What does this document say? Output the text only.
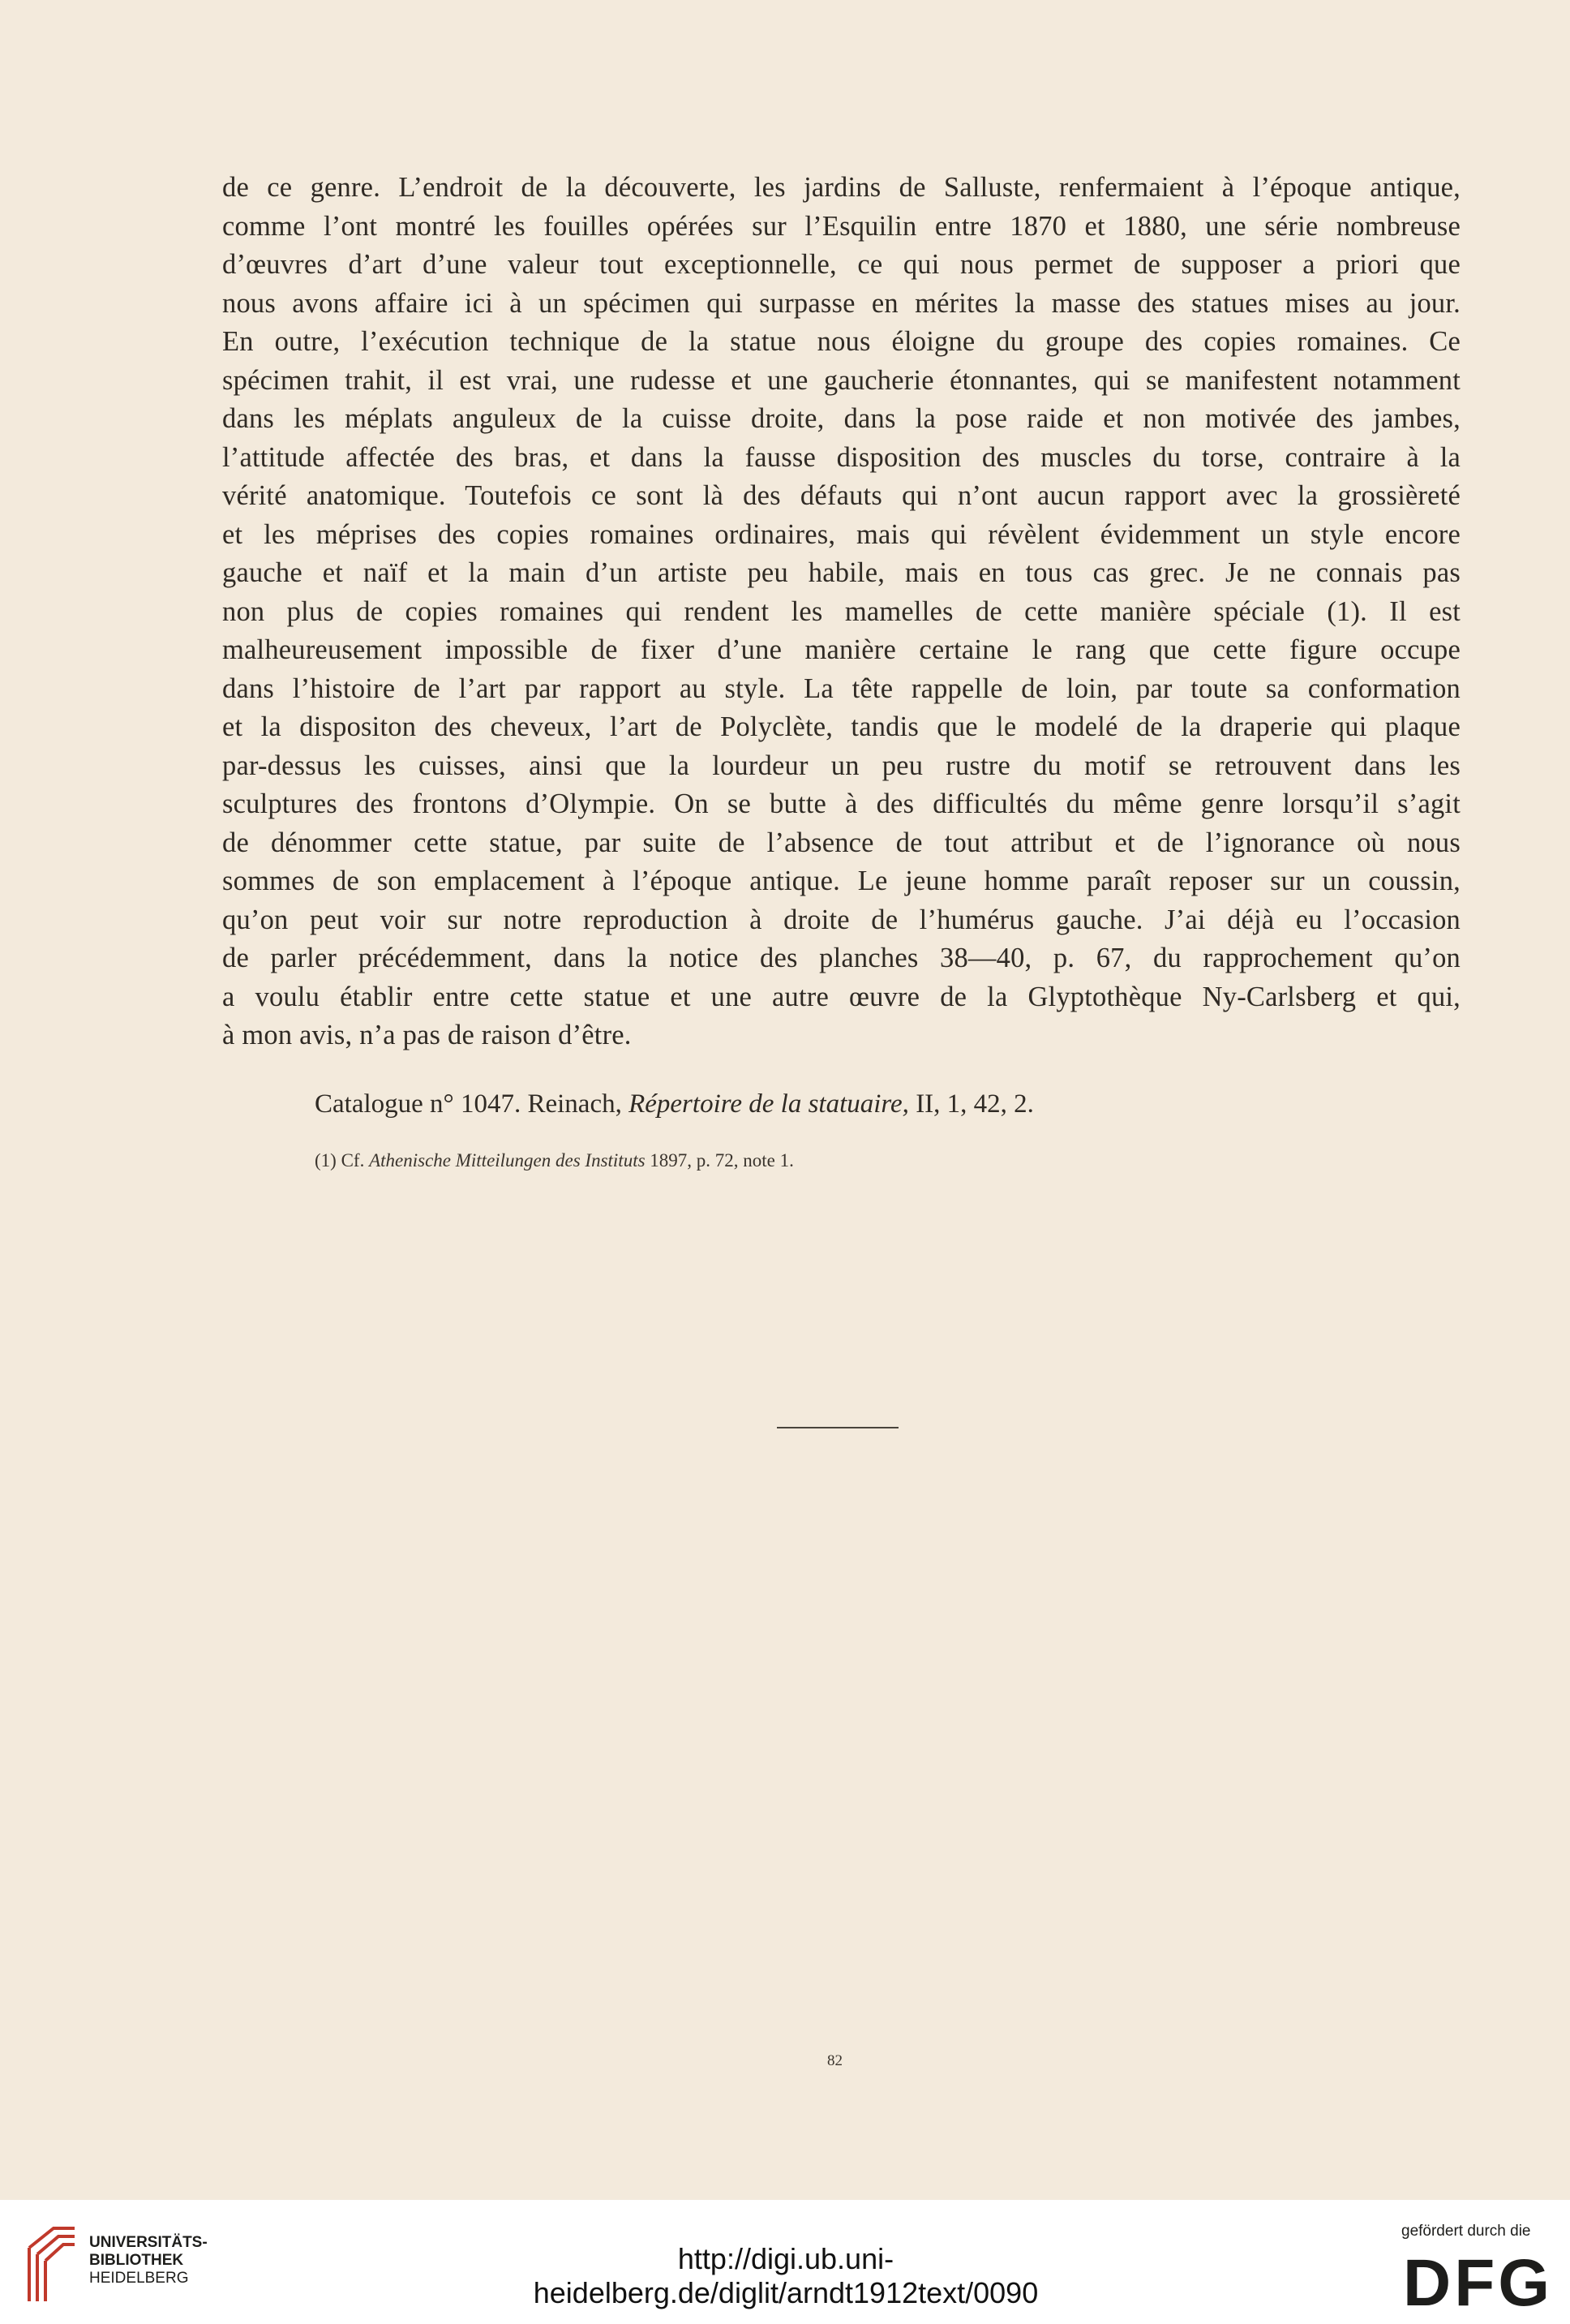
de ce genre. L’endroit de la découverte, les jardins de Salluste, renfermaient à l’époque antique,
comme l’ont montré les fouilles opérées sur l’Esquilin entre 1870 et 1880, une série nombreuse
d’œuvres d’art d’une valeur tout exceptionnelle, ce qui nous permet de supposer a priori que
nous avons affaire ici à un spécimen qui surpasse en mérites la masse des statues mises au jour.
En outre, l’exécution technique de la statue nous éloigne du groupe des copies romaines. Ce
spécimen trahit, il est vrai, une rudesse et une gaucherie étonnantes, qui se manifestent notamment
dans les méplats anguleux de la cuisse droite, dans la pose raide et non motivée des jambes,
l’attitude affectée des bras, et dans la fausse disposition des muscles du torse, contraire à la
vérité anatomique. Toutefois ce sont là des défauts qui n’ont aucun rapport avec la grossièreté
et les méprises des copies romaines ordinaires, mais qui révèlent évidemment un style encore
gauche et naïf et la main d’un artiste peu habile, mais en tous cas grec. Je ne connais pas
non plus de copies romaines qui rendent les mamelles de cette manière spéciale (1). Il est
malheureusement impossible de fixer d’une manière certaine le rang que cette figure occupe
dans l’histoire de l’art par rapport au style. La tête rappelle de loin, par toute sa conformation
et la dispositon des cheveux, l’art de Polyclète, tandis que le modelé de la draperie qui plaque
par-dessus les cuisses, ainsi que la lourdeur un peu rustre du motif se retrouvent dans les
sculptures des frontons d’Olympie. On se butte à des difficultés du même genre lorsqu’il s’agit
de dénommer cette statue, par suite de l’absence de tout attribut et de l’ignorance où nous
sommes de son emplacement à l’époque antique. Le jeune homme paraît reposer sur un coussin,
qu’on peut voir sur notre reproduction à droite de l’humérus gauche. J’ai déjà eu l’occasion
de parler précédemment, dans la notice des planches 38—40, p. 67, du rapprochement qu’on
a voulu établir entre cette statue et une autre œuvre de la Glyptothèque Ny-Carlsberg et qui,
à mon avis, n’a pas de raison d’être.

Catalogue n° 1047. Reinach, Répertoire de la statuaire, II, 1, 42, 2.

(1) Cf. Athenische Mitteilungen des Instituts 1897, p. 72, note 1.

82
UNIVERSITÄTS-
BIBLIOTHEK
HEIDELBERG
http://digi.ub.uni-heidelberg.de/diglit/arndt1912text/0090
gefördert durch die
DFG
